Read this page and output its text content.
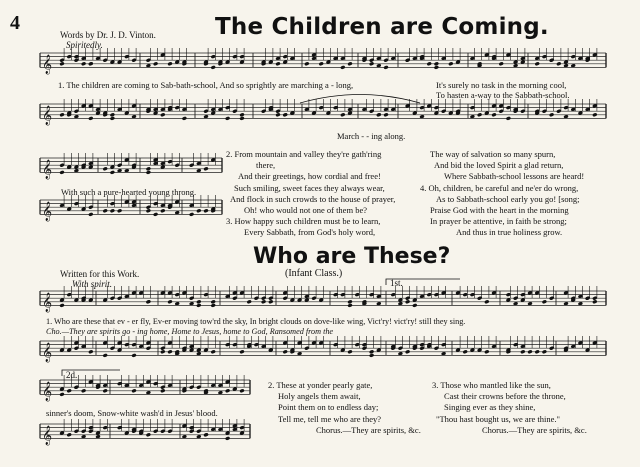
4
Words by Dr. J. D. Vinton.
Spiritedly.
The Children are Coming.
𝄞
𝄞
𝄞
𝄞
𝄞
𝄞
𝄞
𝄞
1. The children are coming to Sab-bath-school, And so sprightly are marching a - long,	It's surely no task in the morning cool,
To hasten a-way to the Sabbath-school.
March - - ing along.
With such a pure-hearted young throng.
2. From mountain and valley they're gath'ring
there,
And their greetings, how cordial and free!
Such smiling, sweet faces they always wear,
And flock in such crowds to the house of prayer,
Oh! who would not one of them be?
3. How happy such children must be to learn,
Every Sabbath, from God's holy word,
The way of salvation so many spurn,
And bid the loved Spirit a glad return,
Where Sabbath-school lessons are heard!
4. Oh, children, be careful and ne'er do wrong,
As to Sabbath-school early you go! [song;
Praise God with the heart in the morning
In prayer be attentive, in faith be strong;
And thus in true holiness grow.
Who are These?
(Infant Class.)
Written for this Work.
With spirit.	1st.
2d.
1. Who are these that ev - er fly, Ev-er moving tow'rd the sky, In bright clouds on dove-like wing, Vict'ry! vict'ry! still they sing.
Cho.—They are spirits go - ing home, Home to Jesus, home to God, Ransomed from the
sinner's doom, Snow-white wash'd in Jesus' blood.
2. These at yonder pearly gate,
Holy angels them await,
Point them on to endless day;
Tell me, tell me who are they?
Chorus.—They are spirits, &c.
3. Those who mantled like the sun,
Cast their crowns before the throne,
Singing ever as they shine,
"Thou hast bought us, we are thine."
Chorus.—They are spirits, &c.
